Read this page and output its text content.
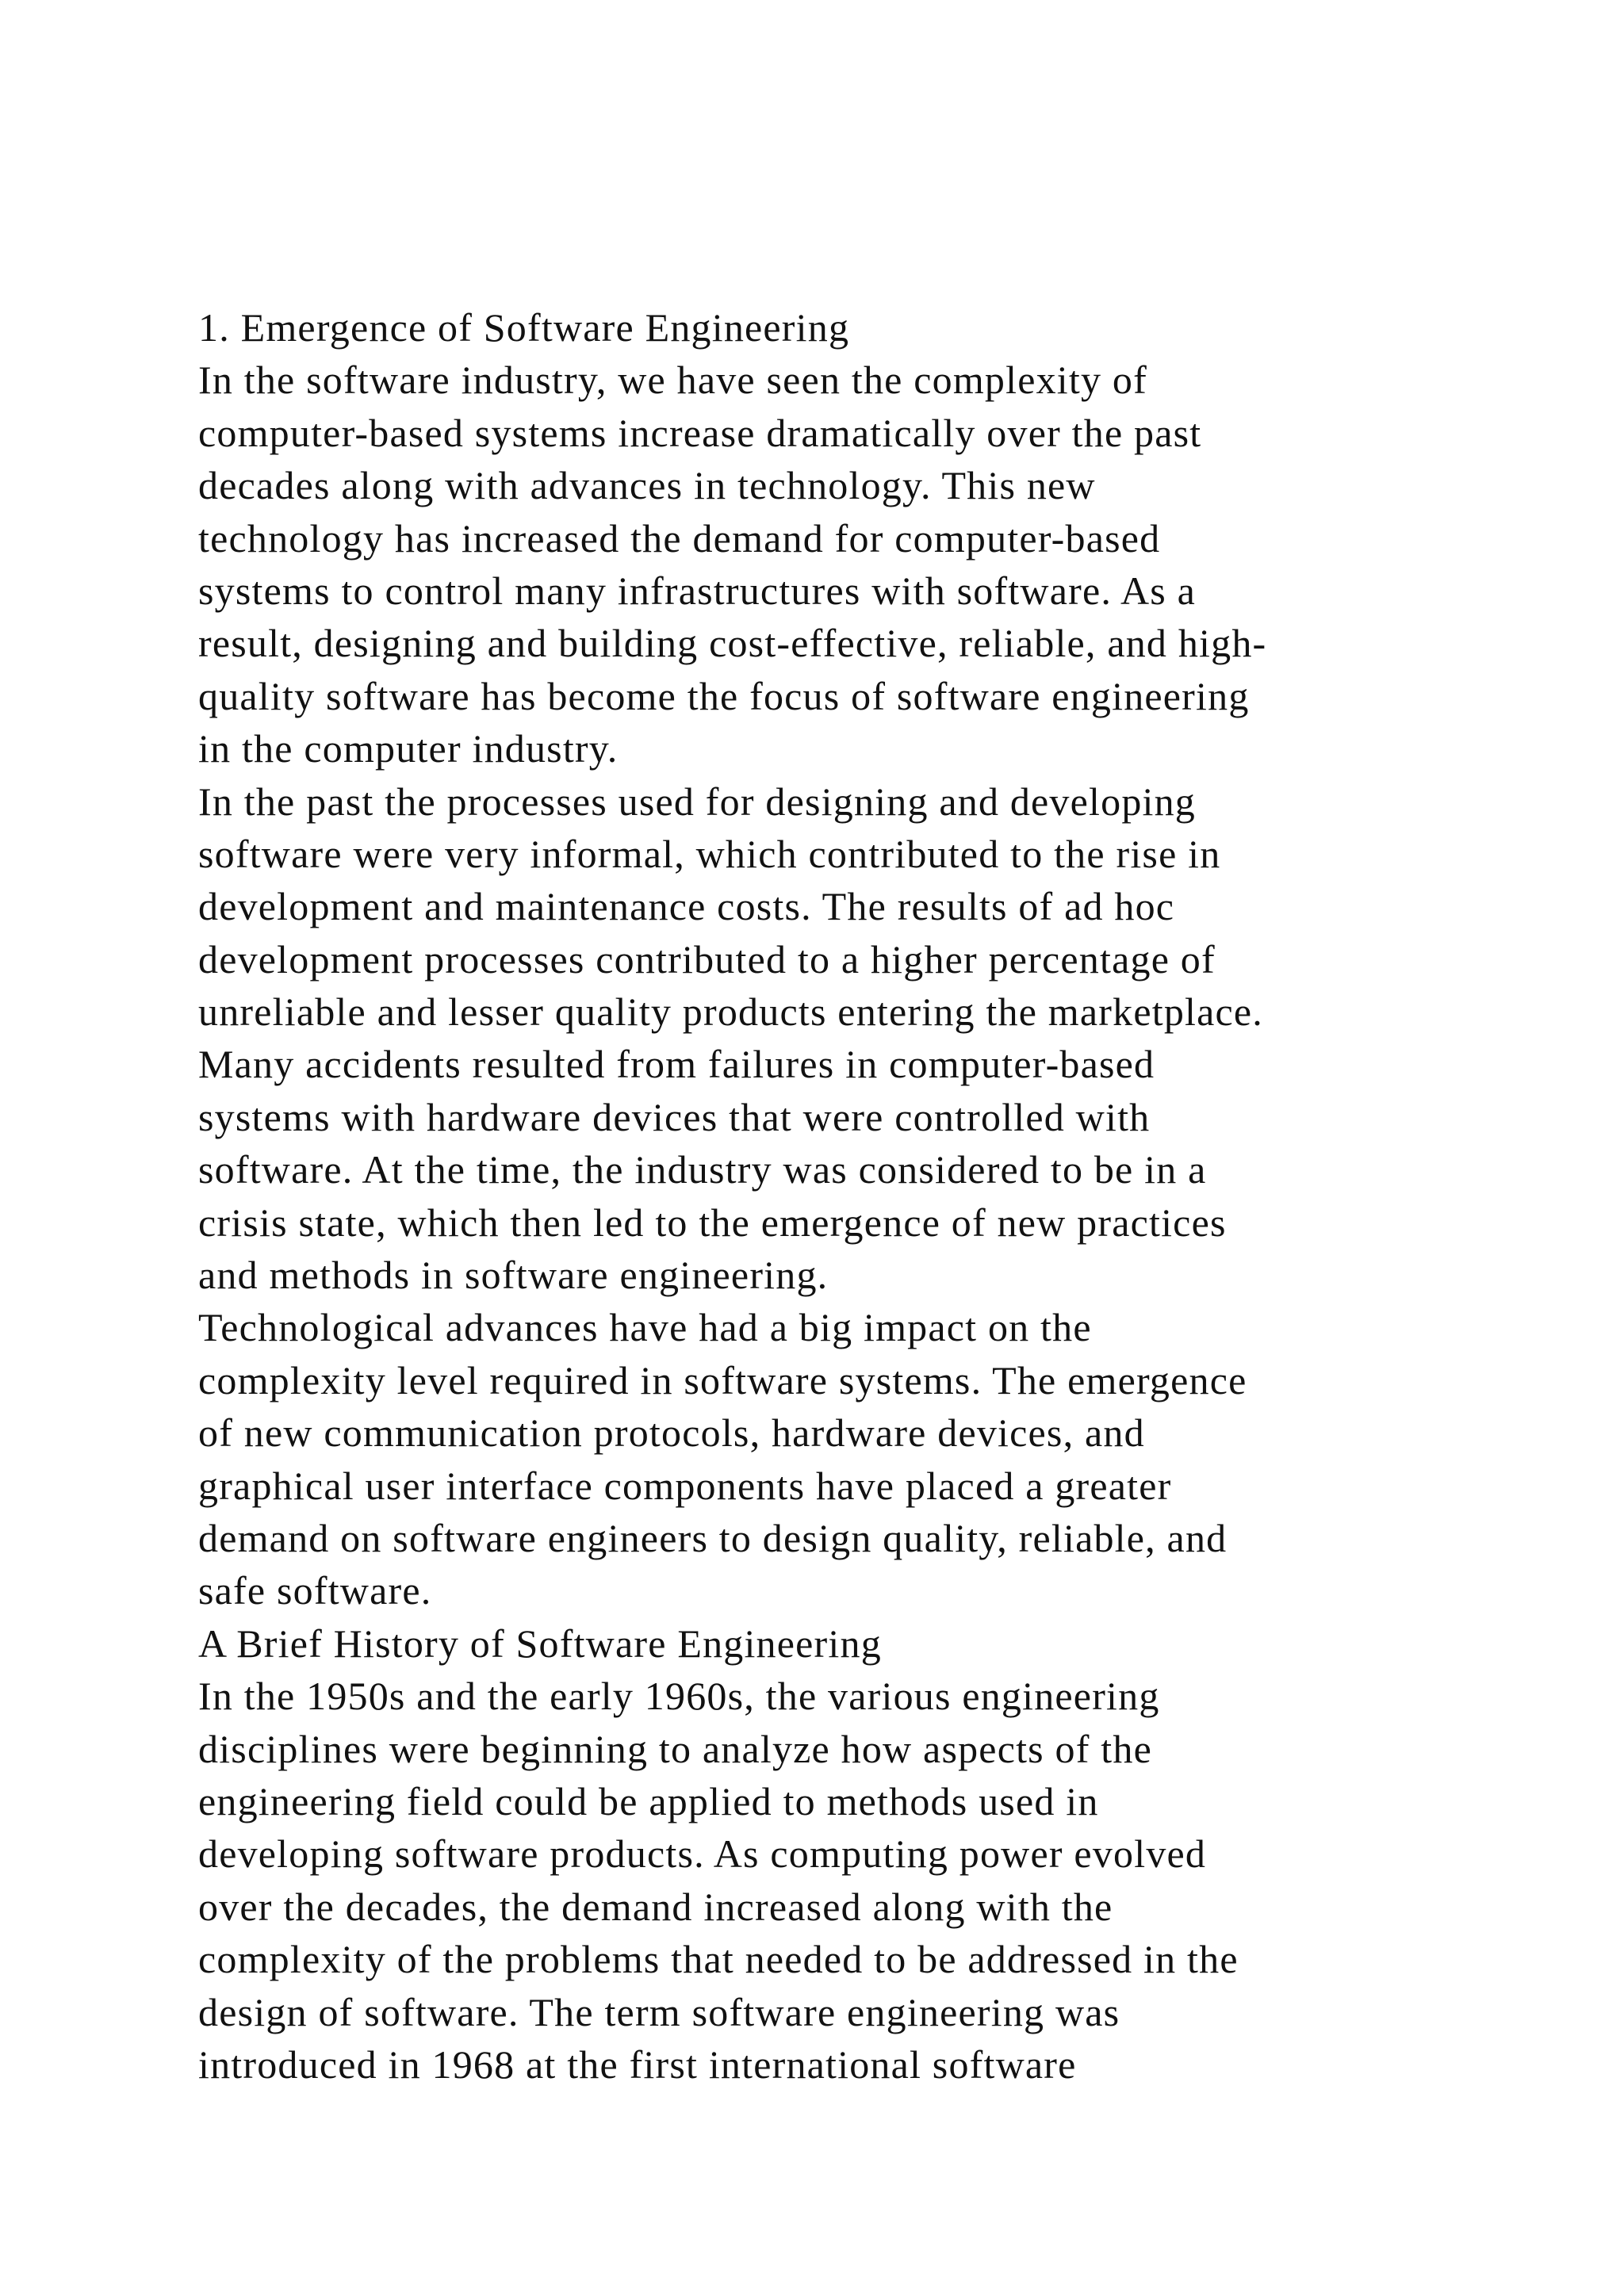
1. Emergence of Software Engineering
In the software industry, we have seen the complexity of
computer-based systems increase dramatically over the past
decades along with advances in technology. This new
technology has increased the demand for computer-based
systems to control many infrastructures with software. As a
result, designing and building cost-effective, reliable, and high-
quality software has become the focus of software engineering
in the computer industry.
In the past the processes used for designing and developing
software were very informal, which contributed to the rise in
development and maintenance costs. The results of ad hoc
development processes contributed to a higher percentage of
unreliable and lesser quality products entering the marketplace.
Many accidents resulted from failures in computer-based
systems with hardware devices that were controlled with
software. At the time, the industry was considered to be in a
crisis state, which then led to the emergence of new practices
and methods in software engineering.
Technological advances have had a big impact on the
complexity level required in software systems. The emergence
of new communication protocols, hardware devices, and
graphical user interface components have placed a greater
demand on software engineers to design quality, reliable, and
safe software.
A Brief History of Software Engineering
In the 1950s and the early 1960s, the various engineering
disciplines were beginning to analyze how aspects of the
engineering field could be applied to methods used in
developing software products. As computing power evolved
over the decades, the demand increased along with the
complexity of the problems that needed to be addressed in the
design of software. The term software engineering was
introduced in 1968 at the first international software
